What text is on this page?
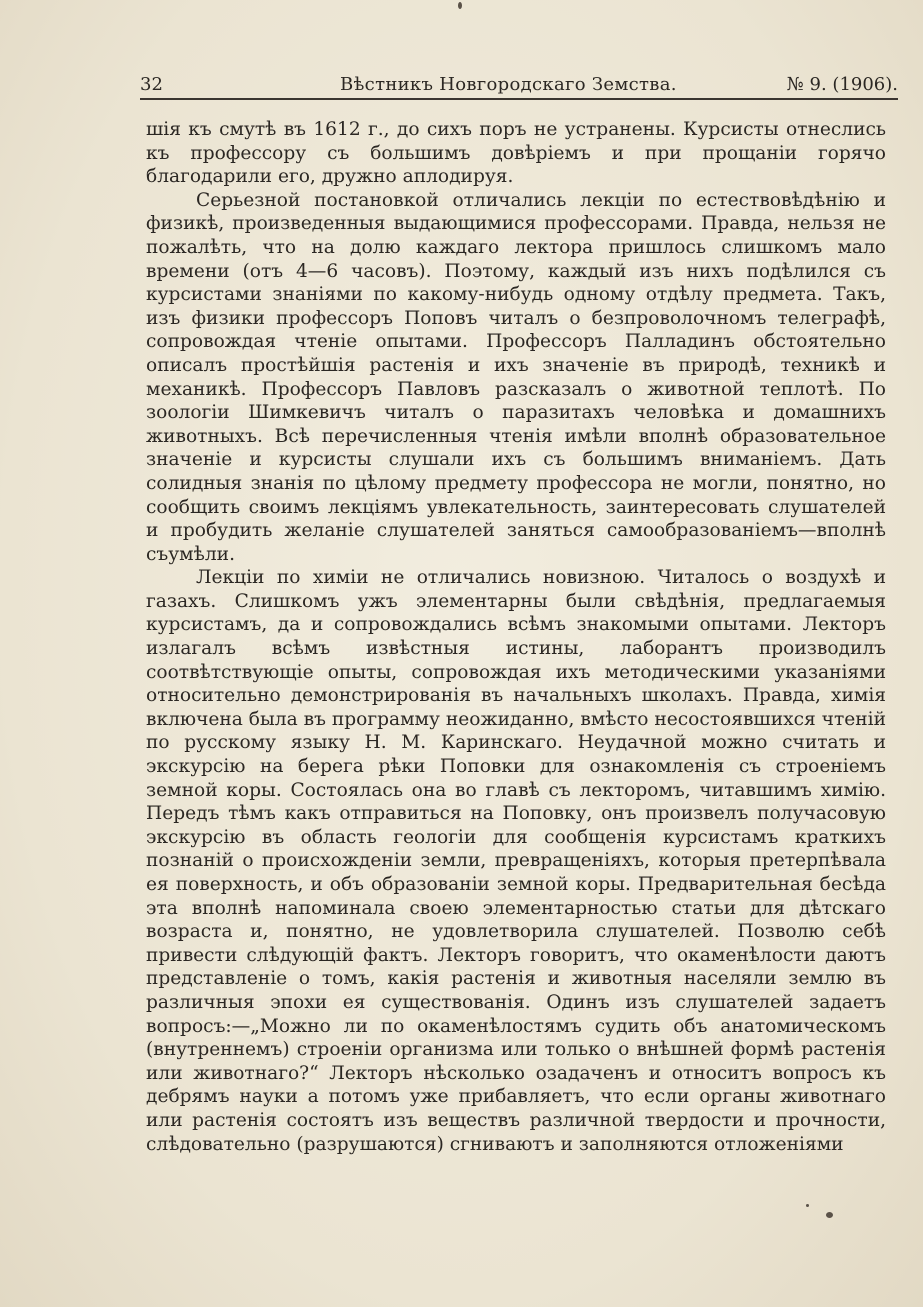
32	Вѣстникъ Новгородскаго Земства.	№ 9. (1906).

шія къ смутѣ въ 1612 г., до сихъ поръ не устранены. Курсисты отнеслись къ профессору съ большимъ довѣріемъ и при прощаніи горячо благодарили его, дружно аплодируя.

Серьезной постановкой отличались лекціи по естествовѣдѣнію и физикѣ, произведенныя выдающимися профессорами. Правда, нельзя не пожалѣть, что на долю каждаго лектора пришлось слишкомъ мало времени (отъ 4—6 часовъ). Поэтому, каждый изъ нихъ подѣлился съ курсистами знаніями по какому-нибудь одному отдѣлу предмета. Такъ, изъ физики профессоръ Поповъ читалъ о безпроволочномъ телеграфѣ, сопровождая чтеніе опытами. Профессоръ Палладинъ обстоятельно описалъ простѣйшія растенія и ихъ значеніе въ природѣ, техникѣ и механикѣ. Профессоръ Павловъ разсказалъ о животной теплотѣ. По зоологіи Шимкевичъ читалъ о паразитахъ человѣка и домашнихъ животныхъ. Всѣ перечисленныя чтенія имѣли вполнѣ образовательное значеніе и курсисты слушали ихъ съ большимъ вниманіемъ. Дать солидныя знанія по цѣлому предмету профессора не могли, понятно, но сообщить своимъ лекціямъ увлекательность, заинтересовать слушателей и пробудить желаніе слушателей заняться самообразованіемъ—вполнѣ съумѣли.

Лекціи по химіи не отличались новизною. Читалось о воздухѣ и газахъ. Слишкомъ ужъ элементарны были свѣдѣнія, предлагаемыя курсистамъ, да и сопровождались всѣмъ знакомыми опытами. Лекторъ излагалъ всѣмъ извѣстныя истины, лаборантъ производилъ соотвѣтствующіе опыты, сопровождая ихъ методическими указаніями относительно демонстрированія въ начальныхъ школахъ. Правда, химія включена была въ программу неожиданно, вмѣсто несостоявшихся чтеній по русскому языку Н. М. Каринскаго. Неудачной можно считать и экскурсію на берега рѣки Поповки для ознакомленія съ строеніемъ земной коры. Состоялась она во главѣ съ лекторомъ, читавшимъ химію. Передъ тѣмъ какъ отправиться на Поповку, онъ произвелъ получасовую экскурсію въ область геологіи для сообщенія курсистамъ краткихъ познаній о происхожденіи земли, превращеніяхъ, которыя претерпѣвала ея поверхность, и объ образованіи земной коры. Предварительная бесѣда эта вполнѣ напоминала своею элементарностью статьи для дѣтскаго возраста и, понятно, не удовлетворила слушателей. Позволю себѣ привести слѣдующій фактъ. Лекторъ говоритъ, что окаменѣлости даютъ представленіе о томъ, какія растенія и животныя населяли землю въ различныя эпохи ея существованія. Одинъ изъ слушателей задаетъ вопросъ:—„Можно ли по окаменѣлостямъ судить объ анатомическомъ (внутреннемъ) строеніи организма или только о внѣшней формѣ растенія или животнаго?“ Лекторъ нѣсколько озадаченъ и относитъ вопросъ къ дебрямъ науки а потомъ уже прибавляетъ, что если органы животнаго или растенія состоятъ изъ веществъ различной твердости и прочности, слѣдовательно (разрушаются) сгниваютъ и заполняются отложеніями
